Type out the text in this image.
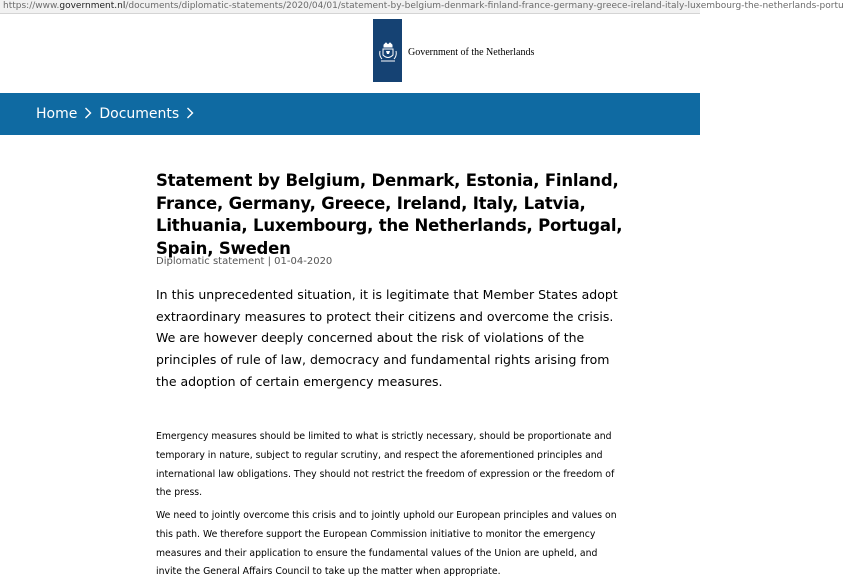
https://www.government.nl/documents/diplomatic-statements/2020/04/01/statement-by-belgium-denmark-finland-france-germany-greece-ireland-italy-luxembourg-the-netherlands-portu
Government of the Netherlands
Home Documents
Statement by Belgium, Denmark, Estonia, Finland, France, Germany, Greece, Ireland, Italy, Latvia, Lithuania, Luxembourg, the Netherlands, Portugal, Spain, Sweden
Diplomatic statement | 01-04-2020

In this unprecedented situation, it is legitimate that Member States adopt extraordinary measures to protect their citizens and overcome the crisis. We are however deeply concerned about the risk of violations of the principles of rule of law, democracy and fundamental rights arising from the adoption of certain emergency measures.

Emergency measures should be limited to what is strictly necessary, should be proportionate and temporary in nature, subject to regular scrutiny, and respect the aforementioned principles and international law obligations. They should not restrict the freedom of expression or the freedom of the press.

We need to jointly overcome this crisis and to jointly uphold our European principles and values on this path. We therefore support the European Commission initiative to monitor the emergency measures and their application to ensure the fundamental values of the Union are upheld, and invite the General Affairs Council to take up the matter when appropriate.
